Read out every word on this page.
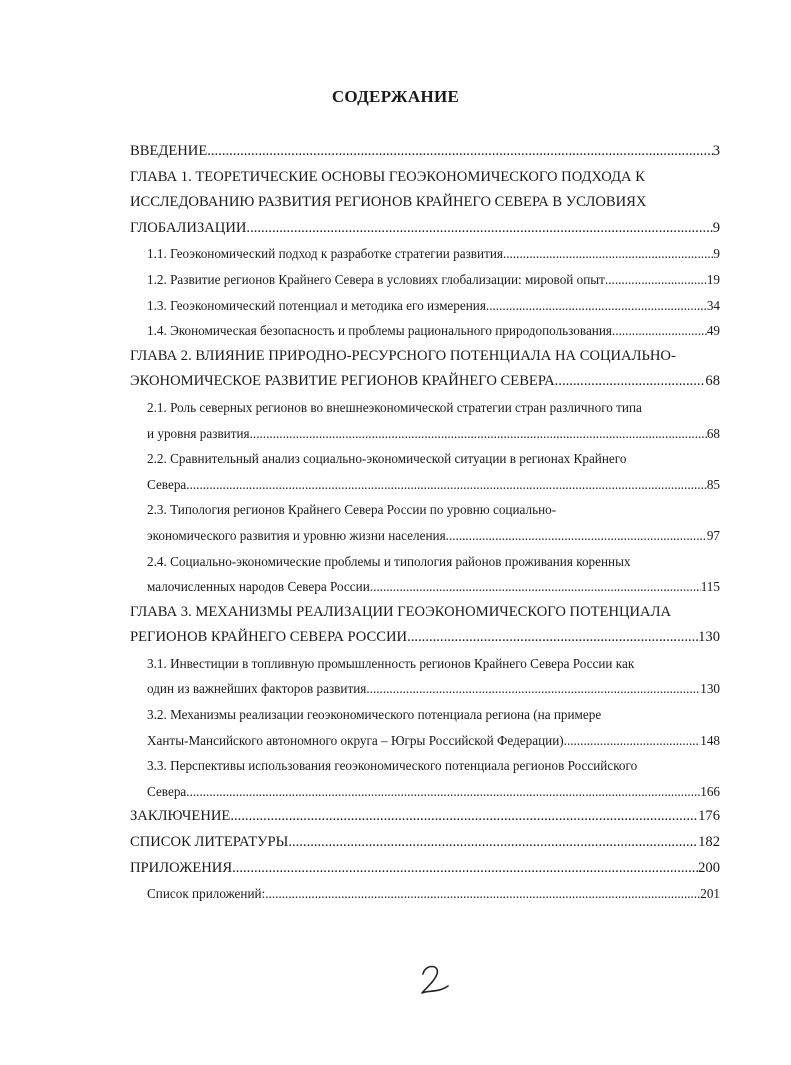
СОДЕРЖАНИЕ
ВВЕДЕНИЕ .....	3
ГЛАВА 1. ТЕОРЕТИЧЕСКИЕ ОСНОВЫ ГЕОЭКОНОМИЧЕСКОГО ПОДХОДА К
ИССЛЕДОВАНИЮ РАЗВИТИЯ РЕГИОНОВ КРАЙНЕГО СЕВЕРА В УСЛОВИЯХ
ГЛОБАЛИЗАЦИИ .....	9
1.1. Геоэкономический подход к разработке стратегии развития .....	9
1.2. Развитие регионов Крайнего Севера в условиях глобализации: мировой опыт .....	19
1.3. Геоэкономический потенциал и методика его измерения .....	34
1.4. Экономическая безопасность и проблемы рационального природопользования .....	49
ГЛАВА 2. ВЛИЯНИЕ ПРИРОДНО-РЕСУРСНОГО ПОТЕНЦИАЛА НА СОЦИАЛЬНО-
ЭКОНОМИЧЕСКОЕ РАЗВИТИЕ РЕГИОНОВ КРАЙНЕГО СЕВЕРА .....	68
2.1. Роль северных регионов во внешнеэкономической стратегии стран различного типа
и уровня развития .....	68
2.2. Сравнительный анализ социально-экономической ситуации в регионах Крайнего
Севера .....	85
2.3. Типология регионов Крайнего Севера России по уровню социально-
экономического развития и уровню жизни населения .....	97
2.4. Социально-экономические проблемы и типология районов проживания коренных
малочисленных народов Севера России .....	115
ГЛАВА 3. МЕХАНИЗМЫ РЕАЛИЗАЦИИ ГЕОЭКОНОМИЧЕСКОГО ПОТЕНЦИАЛА
РЕГИОНОВ КРАЙНЕГО СЕВЕРА РОССИИ .....	130
3.1. Инвестиции в топливную промышленность регионов Крайнего Севера России как
один из важнейших факторов развития .....	130
3.2. Механизмы реализации геоэкономического потенциала региона (на примере
Ханты-Мансийского автономного округа – Югры Российской Федерации) .....	148
3.3. Перспективы использования геоэкономического потенциала регионов Российского
Севера .....	166
ЗАКЛЮЧЕНИЕ .....	176
СПИСОК ЛИТЕРАТУРЫ .....	182
ПРИЛОЖЕНИЯ .....	200
Список приложений: .....	201
